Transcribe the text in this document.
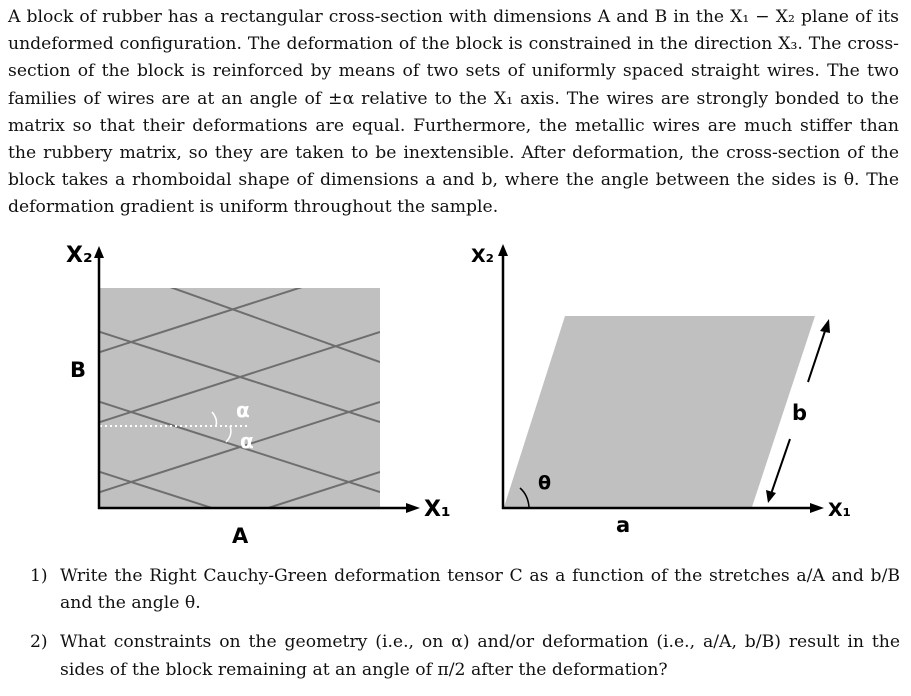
A block of rubber has a rectangular cross-section with dimensions A and B in the X₁ − X₂ plane of its undeformed configuration. The deformation of the block is constrained in the direction X₃. The cross-section of the block is reinforced by means of two sets of uniformly spaced straight wires. The two families of wires are at an angle of ±α relative to the X₁ axis. The wires are strongly bonded to the matrix so that their deformations are equal. Furthermore, the metallic wires are much stiffer than the rubbery matrix, so they are taken to be inextensible. After deformation, the cross-section of the block takes a rhomboidal shape of dimensions a and b, where the angle between the sides is θ. The deformation gradient is uniform throughout the sample.
α
α
X₂
X₁
B
A
θ
X₂
X₁
b
a
1) Write the Right Cauchy-Green deformation tensor C as a function of the stretches a/A and b/B and the angle θ.
2) What constraints on the geometry (i.e., on α) and/or deformation (i.e., a/A, b/B) result in the sides of the block remaining at an angle of π/2 after the deformation?
